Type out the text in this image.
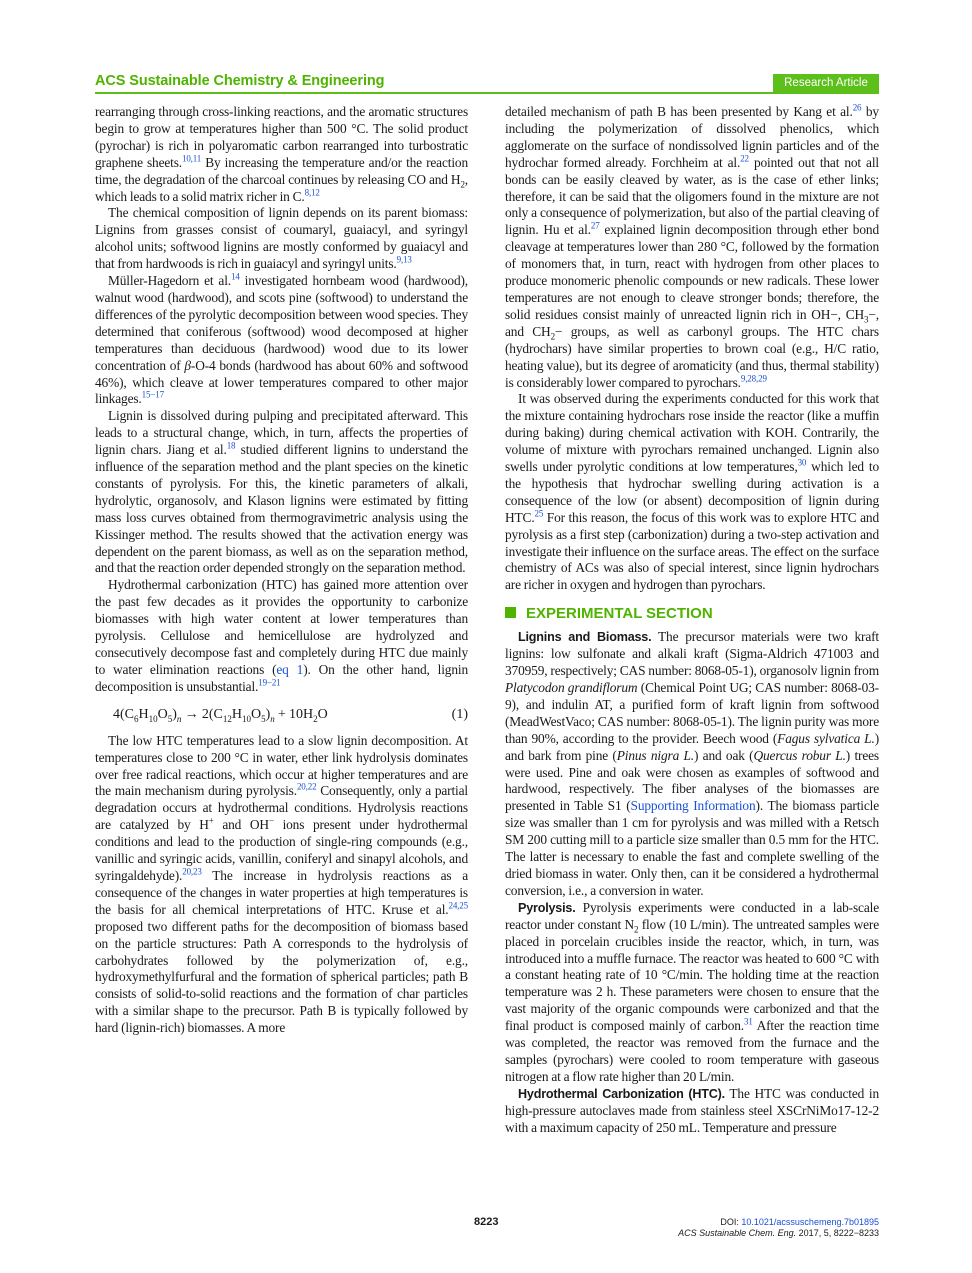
ACS Sustainable Chemistry & Engineering	Research Article

rearranging through cross-linking reactions, and the aromatic structures begin to grow at temperatures higher than 500 °C. The solid product (pyrochar) is rich in polyaromatic carbon rearranged into turbostratic graphene sheets.$^{10,11}$ By increasing the temperature and/or the reaction time, the degradation of the charcoal continues by releasing CO and $H_2$, which leads to a solid matrix richer in C.$^{8,12}$

The chemical composition of lignin depends on its parent biomass: Lignins from grasses consist of coumaryl, guaiacyl, and syringyl alcohol units; softwood lignins are mostly conformed by guaiacyl and that from hardwoods is rich in guaiacyl and syringyl units.$^{9,13}$

Müller-Hagedorn et al.$^{14}$ investigated hornbeam wood (hardwood), walnut wood (hardwood), and scots pine (softwood) to understand the differences of the pyrolytic decomposition between wood species. They determined that coniferous (softwood) wood decomposed at higher temperatures than deciduous (hardwood) wood due to its lower concentration of β-O-4 bonds (hardwood has about 60% and softwood 46%), which cleave at lower temperatures compared to other major linkages.$^{15-17}$

Lignin is dissolved during pulping and precipitated afterward. This leads to a structural change, which, in turn, affects the properties of lignin chars. Jiang et al.$^{18}$ studied different lignins to understand the influence of the separation method and the plant species on the kinetic constants of pyrolysis. For this, the kinetic parameters of alkali, hydrolytic, organosolv, and Klason lignins were estimated by fitting mass loss curves obtained from thermogravimetric analysis using the Kissinger method. The results showed that the activation energy was dependent on the parent biomass, as well as on the separation method, and that the reaction order depended strongly on the separation method.

Hydrothermal carbonization (HTC) has gained more attention over the past few decades as it provides the opportunity to carbonize biomasses with high water content at lower temperatures than pyrolysis. Cellulose and hemicellulose are hydrolyzed and consecutively decompose fast and completely during HTC due mainly to water elimination reactions (eq 1). On the other hand, lignin decomposition is unsubstantial.$^{19-21}$

$4(C_6H_{10}O_5)_n \to 2(C_{12}H_{10}O_5)_n + 10H_2O$	(1)

The low HTC temperatures lead to a slow lignin decomposition. At temperatures close to 200 °C in water, ether link hydrolysis dominates over free radical reactions, which occur at higher temperatures and are the main mechanism during pyrolysis.$^{20,22}$ Consequently, only a partial degradation occurs at hydrothermal conditions. Hydrolysis reactions are catalyzed by H+ and OH− ions present under hydrothermal conditions and lead to the production of single-ring compounds (e.g., vanillic and syringic acids, vanillin, coniferyl and sinapyl alcohols, and syringaldehyde).$^{20,23}$ The increase in hydrolysis reactions as a consequence of the changes in water properties at high temperatures is the basis for all chemical interpretations of HTC. Kruse et al.$^{24,25}$ proposed two different paths for the decomposition of biomass based on the particle structures: Path A corresponds to the hydrolysis of carbohydrates followed by the polymerization of, e.g., hydroxymethylfurfural and the formation of spherical particles; path B consists of solid-to-solid reactions and the formation of char particles with a similar shape to the precursor. Path B is typically followed by hard (lignin-rich) biomasses. A more

detailed mechanism of path B has been presented by Kang et al.$^{26}$ by including the polymerization of dissolved phenolics, which agglomerate on the surface of nondissolved lignin particles and of the hydrochar formed already. Forchheim at al.$^{22}$ pointed out that not all bonds can be easily cleaved by water, as is the case of ether links; therefore, it can be said that the oligomers found in the mixture are not only a consequence of polymerization, but also of the partial cleaving of lignin. Hu et al.$^{27}$ explained lignin decomposition through ether bond cleavage at temperatures lower than 280 °C, followed by the formation of monomers that, in turn, react with hydrogen from other places to produce monomeric phenolic compounds or new radicals. These lower temperatures are not enough to cleave stronger bonds; therefore, the solid residues consist mainly of unreacted lignin rich in OH−, $CH_3-$, and $CH_2-$ groups, as well as carbonyl groups. The HTC chars (hydrochars) have similar properties to brown coal (e.g., H/C ratio, heating value), but its degree of aromaticity (and thus, thermal stability) is considerably lower compared to pyrochars.$^{9,28,29}$

It was observed during the experiments conducted for this work that the mixture containing hydrochars rose inside the reactor (like a muffin during baking) during chemical activation with KOH. Contrarily, the volume of mixture with pyrochars remained unchanged. Lignin also swells under pyrolytic conditions at low temperatures,$^{30}$ which led to the hypothesis that hydrochar swelling during activation is a consequence of the low (or absent) decomposition of lignin during HTC.$^{25}$ For this reason, the focus of this work was to explore HTC and pyrolysis as a first step (carbonization) during a two-step activation and investigate their influence on the surface areas. The effect on the surface chemistry of ACs was also of special interest, since lignin hydrochars are richer in oxygen and hydrogen than pyrochars.

EXPERIMENTAL SECTION

Lignins and Biomass. The precursor materials were two kraft lignins: low sulfonate and alkali kraft (Sigma-Aldrich 471003 and 370959, respectively; CAS number: 8068-05-1), organosolv lignin from Platycodon grandiflorum (Chemical Point UG; CAS number: 8068-03-9), and indulin AT, a purified form of kraft lignin from softwood (MeadWestVaco; CAS number: 8068-05-1). The lignin purity was more than 90%, according to the provider. Beech wood (Fagus sylvatica L.) and bark from pine (Pinus nigra L.) and oak (Quercus robur L.) trees were used. Pine and oak were chosen as examples of softwood and hardwood, respectively. The fiber analyses of the biomasses are presented in Table S1 (Supporting Information). The biomass particle size was smaller than 1 cm for pyrolysis and was milled with a Retsch SM 200 cutting mill to a particle size smaller than 0.5 mm for the HTC. The latter is necessary to enable the fast and complete swelling of the dried biomass in water. Only then, can it be considered a hydrothermal conversion, i.e., a conversion in water.

Pyrolysis. Pyrolysis experiments were conducted in a lab-scale reactor under constant $N_2$ flow (10 L/min). The untreated samples were placed in porcelain crucibles inside the reactor, which, in turn, was introduced into a muffle furnace. The reactor was heated to 600 °C with a constant heating rate of 10 °C/min. The holding time at the reaction temperature was 2 h. These parameters were chosen to ensure that the vast majority of the organic compounds were carbonized and that the final product is composed mainly of carbon.$^{31}$ After the reaction time was completed, the reactor was removed from the furnace and the samples (pyrochars) were cooled to room temperature with gaseous nitrogen at a flow rate higher than 20 L/min.

Hydrothermal Carbonization (HTC). The HTC was conducted in high-pressure autoclaves made from stainless steel XSCrNiMo17-12-2 with a maximum capacity of 250 mL. Temperature and pressure

8223	DOI: 10.1021/acssuschemeng.7b01895
ACS Sustainable Chem. Eng. 2017, 5, 8222−8233
